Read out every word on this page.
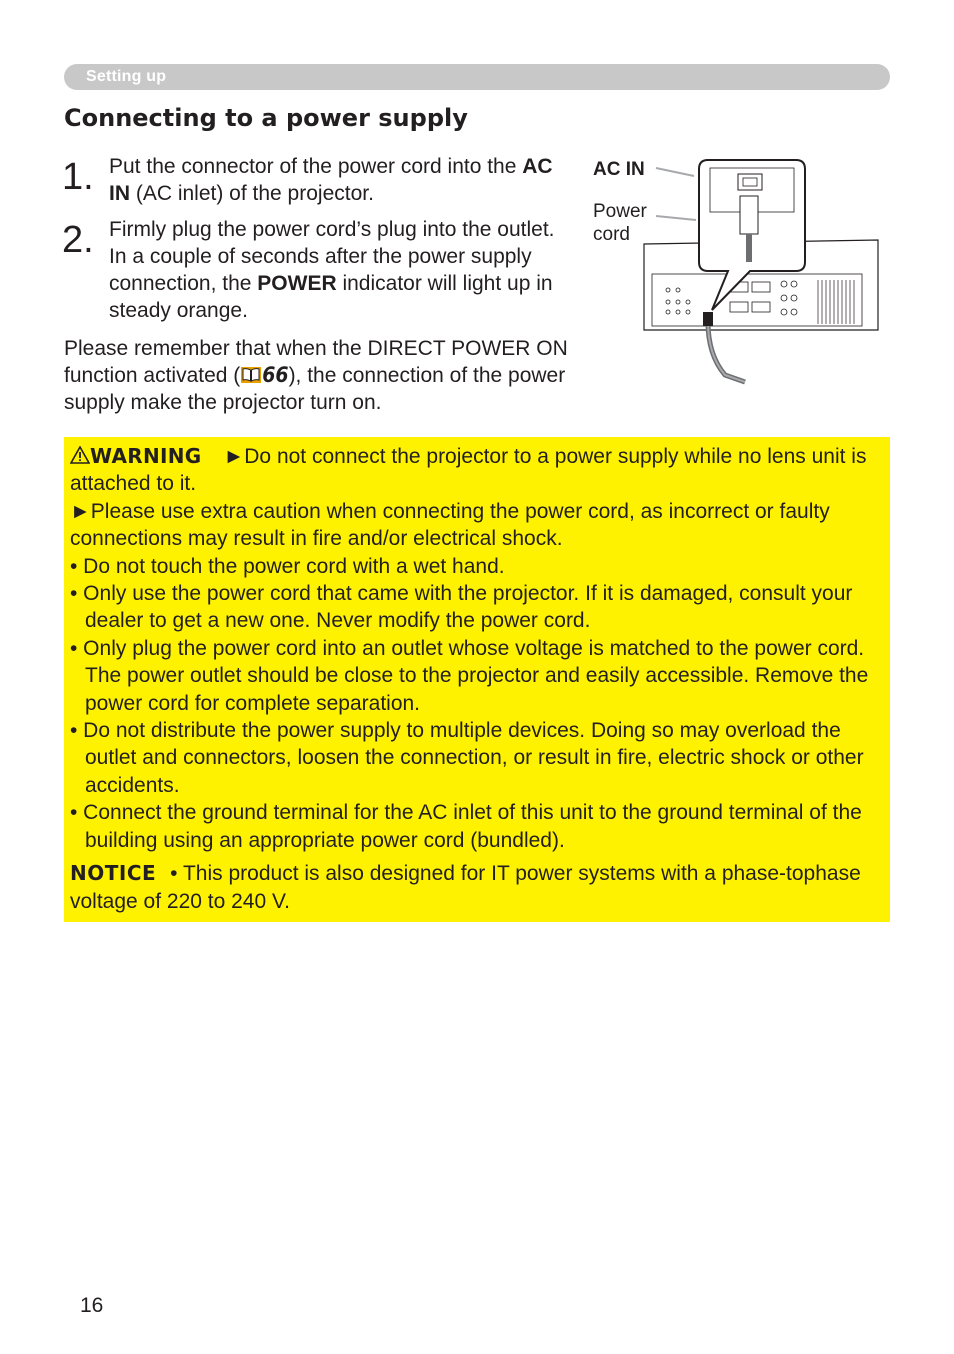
Setting up
Connecting to a power supply
1. Put the connector of the power cord into the AC IN (AC inlet) of the projector.
2. Firmly plug the power cord’s plug into the outlet. In a couple of seconds after the power supply connection, the POWER indicator will light up in steady orange.
Please remember that when the DIRECT POWER ON function activated ( 66), the connection of the power supply make the projector turn on.
AC IN
Power cord
WARNING ►Do not connect the projector to a power supply while no lens unit is attached to it.
►Please use extra caution when connecting the power cord, as incorrect or faulty connections may result in fire and/or electrical shock.
• Do not touch the power cord with a wet hand.
• Only use the power cord that came with the projector. If it is damaged, consult your dealer to get a new one. Never modify the power cord.
• Only plug the power cord into an outlet whose voltage is matched to the power cord. The power outlet should be close to the projector and easily accessible. Remove the power cord for complete separation.
• Do not distribute the power supply to multiple devices. Doing so may overload the outlet and connectors, loosen the connection, or result in fire, electric shock or other accidents.
• Connect the ground terminal for the AC inlet of this unit to the ground terminal of the building using an appropriate power cord (bundled).
NOTICE • This product is also designed for IT power systems with a phase-tophase voltage of 220 to 240 V.
16
